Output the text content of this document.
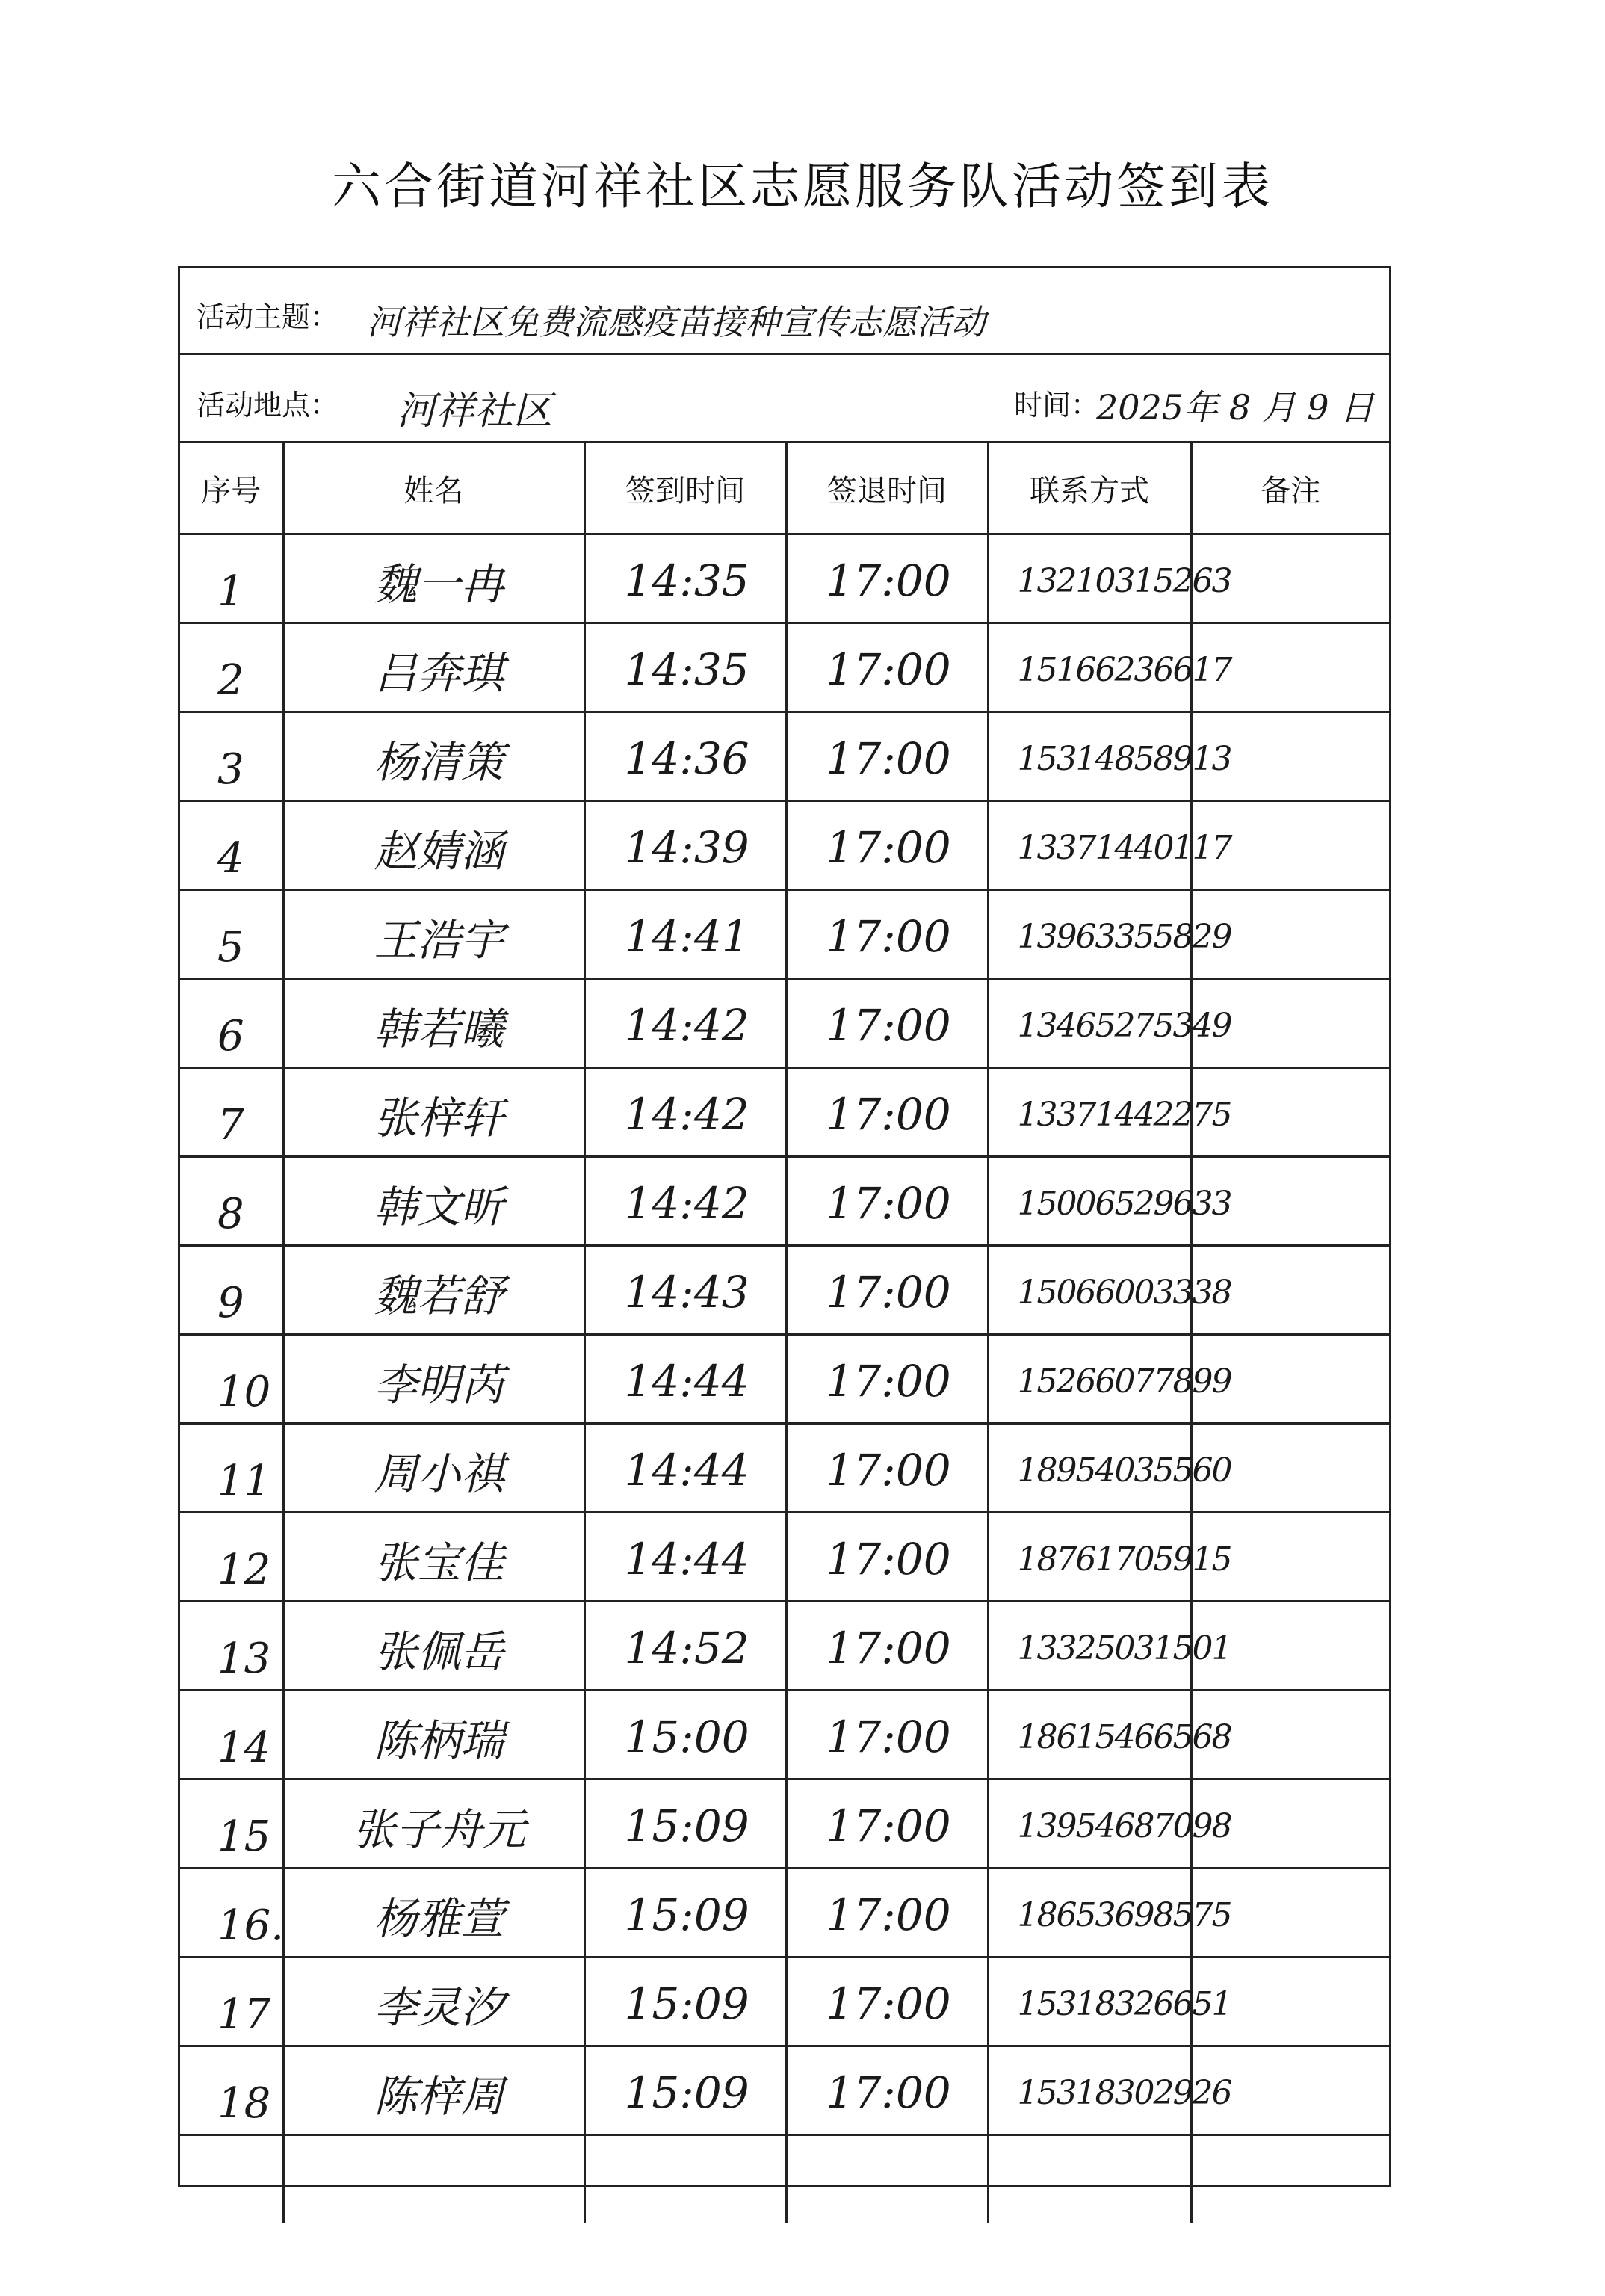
六合街道河祥社区志愿服务队活动签到表
活动主题： 河祥社区免费流感疫苗接种宣传志愿活动
活动地点： 河祥社区	时间：
2025年 8 月 9 日
序号	姓名	签到时间	签退时间	联系方式	备注

1	魏一冉	14:35	17:00	13210315263	

2	吕奔琪	14:35	17:00	15166236617	

3	杨清策	14:36	17:00	15314858913	

4	赵婧涵	14:39	17:00	13371440117	

5	王浩宇	14:41	17:00	13963355829	

6	韩若曦	14:42	17:00	13465275349	

7	张梓轩	14:42	17:00	13371442275	

8	韩文昕	14:42	17:00	15006529633	

9	魏若舒	14:43	17:00	15066003338	

10	李明芮	14:44	17:00	15266077899	

11	周小祺	14:44	17:00	18954035560	

12	张宝佳	14:44	17:00	18761705915	

13	张佩岳	14:52	17:00	13325031501	

14	陈柄瑞	15:00	17:00	18615466568	

15	张子舟元	15:09	17:00	13954687098	

16.	杨雅萱	15:09	17:00	18653698575	

17	李灵汐	15:09	17:00	15318326651	

18	陈梓周	15:09	17:00	15318302926	
